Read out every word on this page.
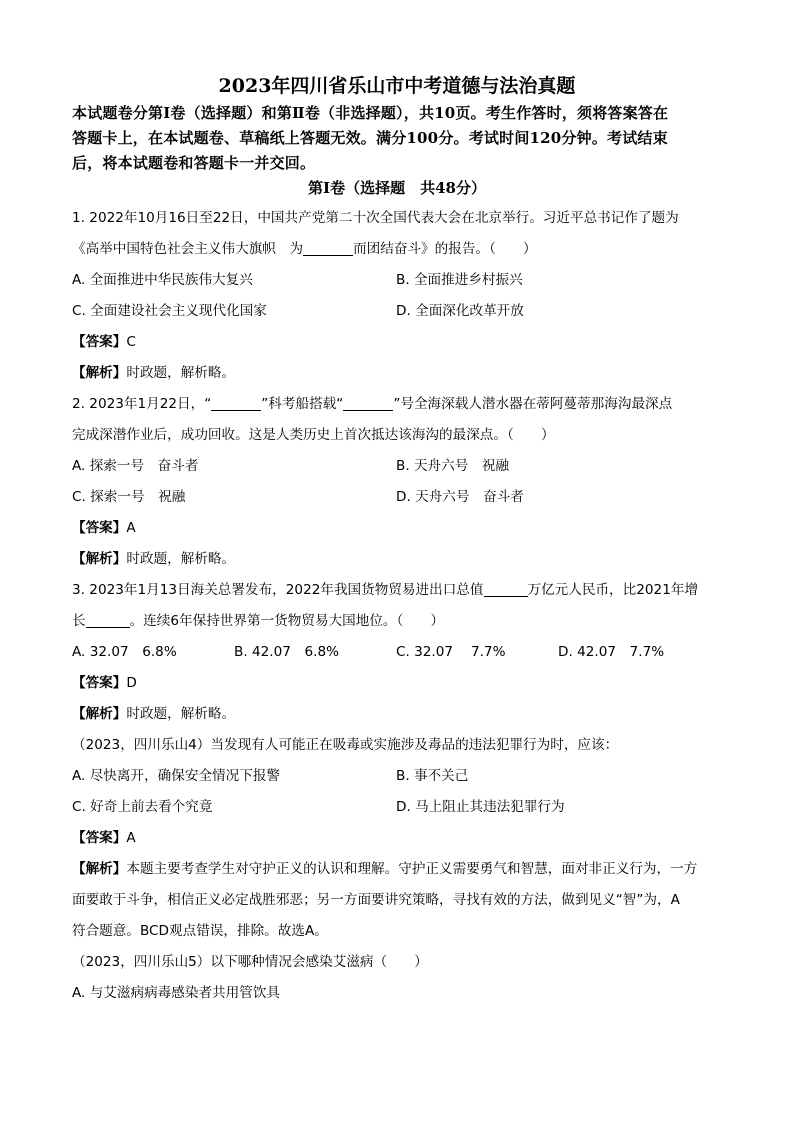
2023年四川省乐山市中考道德与法治真题

本试题卷分第Ⅰ卷（选择题）和第Ⅱ卷（非选择题），共10页。考生作答时，须将答案答在

答题卡上，在本试题卷、草稿纸上答题无效。满分100分。考试时间120分钟。考试结束

后，将本试题卷和答题卡一并交回。

第Ⅰ卷（选择题　共48分）
1. 2022年10月16日至22日，中国共产党第二十次全国代表大会在北京举行。习近平总书记作了题为
《高举中国特色社会主义伟大旗帜　为	而团结奋斗》的报告。（　　）
A. 全面推进中华民族伟大复兴	B. 全面推进乡村振兴
C. 全面建设社会主义现代化国家	D. 全面深化改革开放
【答案】C
【解析】时政题，解析略。
2. 2023年1月22日，“	”科考船搭载“	”号全海深载人潜水器在蒂阿蔓蒂那海沟最深点
完成深潜作业后，成功回收。这是人类历史上首次抵达该海沟的最深点。（　　）
A. 探索一号　奋斗者	B. 天舟六号　祝融
C. 探索一号　祝融	D. 天舟六号　奋斗者
【答案】A
【解析】时政题，解析略。
3. 2023年1月13日海关总署发布，2022年我国货物贸易进出口总值	万亿元人民币，比2021年增
长	。连续6年保持世界第一货物贸易大国地位。（　　）
A. 32.07　6.8%	B. 42.07　6.8%	C. 32.07　 7.7%	D. 42.07　7.7%
【答案】D
【解析】时政题，解析略。
（2023，四川乐山4）当发现有人可能正在吸毒或实施涉及毒品的违法犯罪行为时，应该：
A. 尽快离开，确保安全情况下报警	B. 事不关己
C. 好奇上前去看个究竟	D. 马上阻止其违法犯罪行为
【答案】A
【解析】本题主要考查学生对守护正义的认识和理解。守护正义需要勇气和智慧，面对非正义行为，一方
面要敢于斗争，相信正义必定战胜邪恶；另一方面要讲究策略，寻找有效的方法，做到见义“智”为，A
符合题意。BCD观点错误，排除。故选A。
（2023，四川乐山5）以下哪种情况会感染艾滋病（　　）
A. 与艾滋病病毒感染者共用管饮具
